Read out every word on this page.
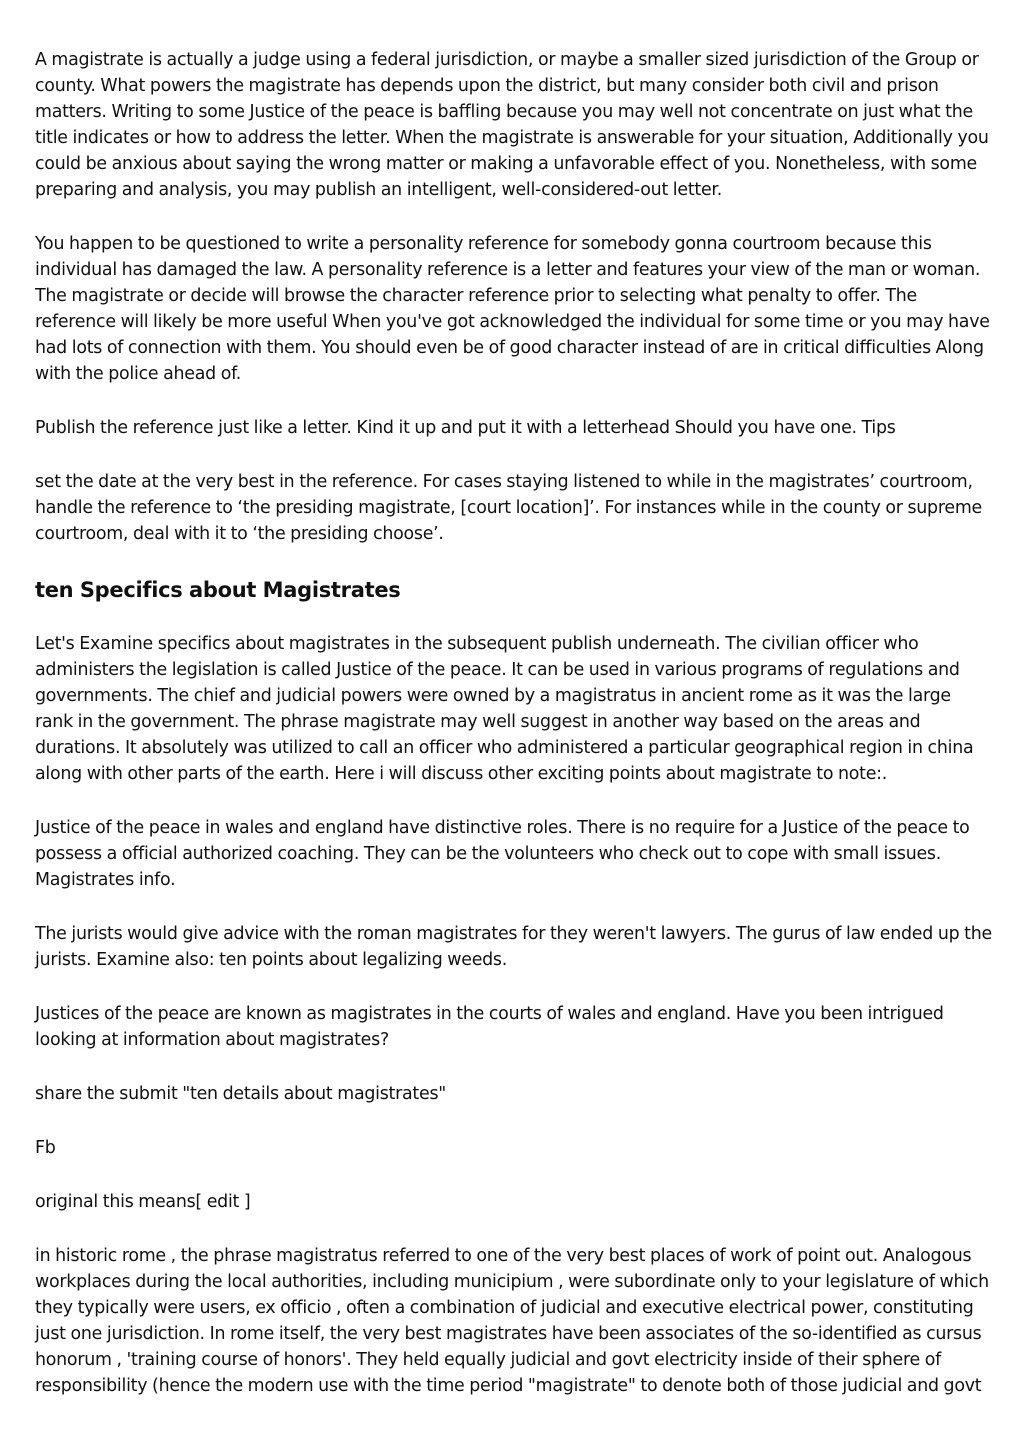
A magistrate is actually a judge using a federal jurisdiction, or maybe a smaller sized jurisdiction of the Group or county. What powers the magistrate has depends upon the district, but many consider both civil and prison matters. Writing to some Justice of the peace is baffling because you may well not concentrate on just what the title indicates or how to address the letter. When the magistrate is answerable for your situation, Additionally you could be anxious about saying the wrong matter or making a unfavorable effect of you. Nonetheless, with some preparing and analysis, you may publish an intelligent, well-considered-out letter.

You happen to be questioned to write a personality reference for somebody gonna courtroom because this individual has damaged the law. A personality reference is a letter and features your view of the man or woman. The magistrate or decide will browse the character reference prior to selecting what penalty to offer. The reference will likely be more useful When you've got acknowledged the individual for some time or you may have had lots of connection with them. You should even be of good character instead of are in critical difficulties Along with the police ahead of.

Publish the reference just like a letter. Kind it up and put it with a letterhead Should you have one. Tips

set the date at the very best in the reference. For cases staying listened to while in the magistrates’ courtroom, handle the reference to ‘the presiding magistrate, [court location]’. For instances while in the county or supreme courtroom, deal with it to ‘the presiding choose’.

ten Specifics about Magistrates

Let's Examine specifics about magistrates in the subsequent publish underneath. The civilian officer who administers the legislation is called Justice of the peace. It can be used in various programs of regulations and governments. The chief and judicial powers were owned by a magistratus in ancient rome as it was the large rank in the government. The phrase magistrate may well suggest in another way based on the areas and durations. It absolutely was utilized to call an officer who administered a particular geographical region in china along with other parts of the earth. Here i will discuss other exciting points about magistrate to note:.

Justice of the peace in wales and england have distinctive roles. There is no require for a Justice of the peace to possess a official authorized coaching. They can be the volunteers who check out to cope with small issues. Magistrates info.

The jurists would give advice with the roman magistrates for they weren't lawyers. The gurus of law ended up the jurists. Examine also: ten points about legalizing weeds.

Justices of the peace are known as magistrates in the courts of wales and england. Have you been intrigued looking at information about magistrates?

share the submit "ten details about magistrates"

Fb

original this means[ edit ]

in historic rome , the phrase magistratus referred to one of the very best places of work of point out. Analogous workplaces during the local authorities, including municipium , were subordinate only to your legislature of which they typically were users, ex officio , often a combination of judicial and executive electrical power, constituting just one jurisdiction. In rome itself, the very best magistrates have been associates of the so-identified as cursus honorum , 'training course of honors'. They held equally judicial and govt electricity inside of their sphere of responsibility (hence the modern use with the time period "magistrate" to denote both of those judicial and govt
